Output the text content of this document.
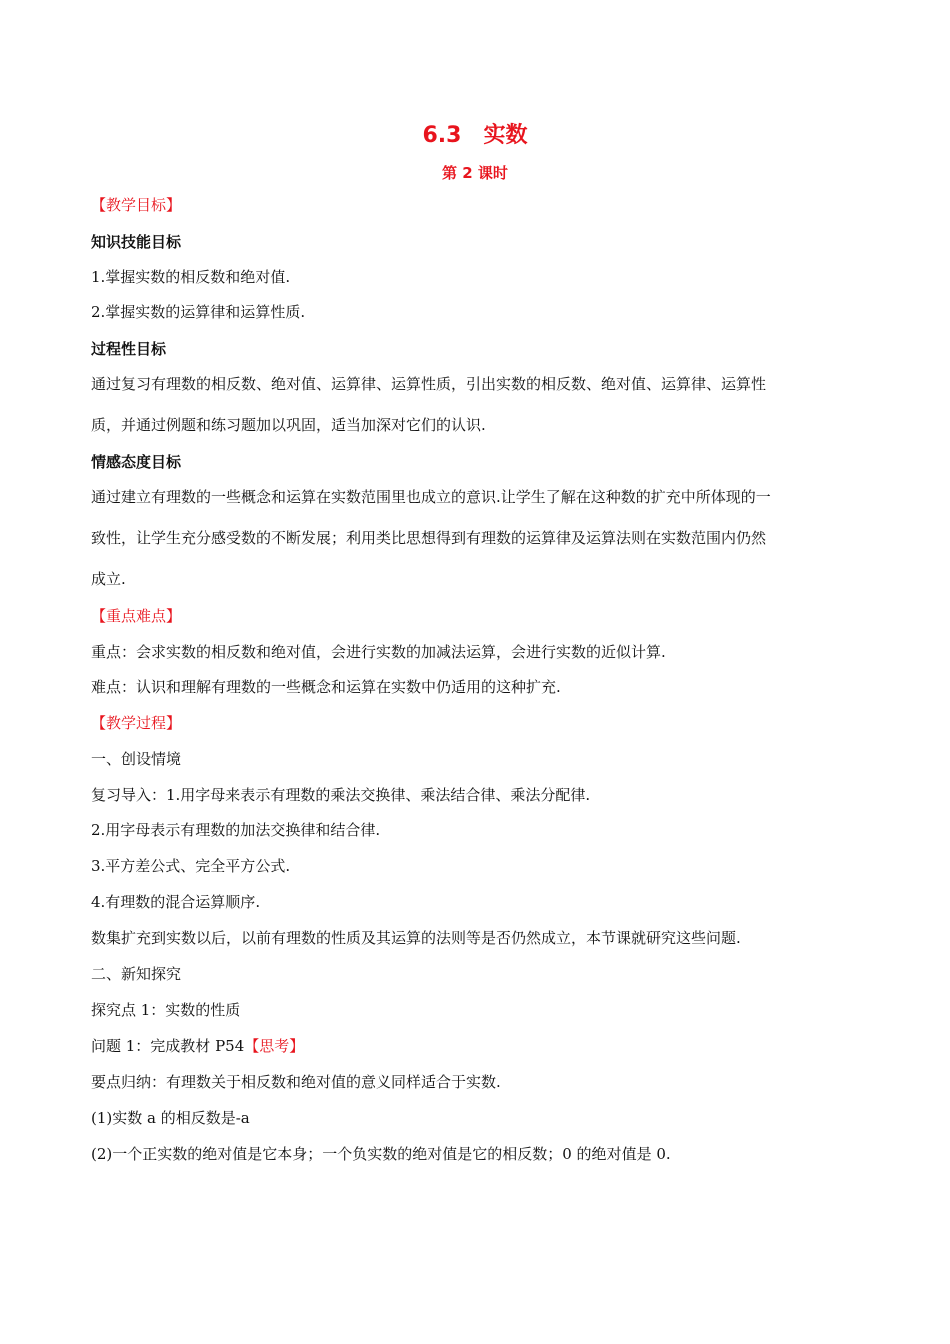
6.3　实数
第 2 课时
【教学目标】
知识技能目标
1.掌握实数的相反数和绝对值.
2.掌握实数的运算律和运算性质.
过程性目标
通过复习有理数的相反数、绝对值、运算律、运算性质，引出实数的相反数、绝对值、运算律、运算性
质，并通过例题和练习题加以巩固，适当加深对它们的认识.
情感态度目标
通过建立有理数的一些概念和运算在实数范围里也成立的意识.让学生了解在这种数的扩充中所体现的一
致性，让学生充分感受数的不断发展；利用类比思想得到有理数的运算律及运算法则在实数范围内仍然
成立.
【重点难点】
重点：会求实数的相反数和绝对值，会进行实数的加减法运算，会进行实数的近似计算.
难点：认识和理解有理数的一些概念和运算在实数中仍适用的这种扩充.
【教学过程】
一、创设情境
复习导入：1.用字母来表示有理数的乘法交换律、乘法结合律、乘法分配律.
2.用字母表示有理数的加法交换律和结合律.
3.平方差公式、完全平方公式.
4.有理数的混合运算顺序.
数集扩充到实数以后，以前有理数的性质及其运算的法则等是否仍然成立，本节课就研究这些问题.
二、新知探究
探究点 1：实数的性质
问题 1：完成教材 P54【思考】
要点归纳：有理数关于相反数和绝对值的意义同样适合于实数.
(1)实数 a 的相反数是-a
(2)一个正实数的绝对值是它本身；一个负实数的绝对值是它的相反数；0 的绝对值是 0.
